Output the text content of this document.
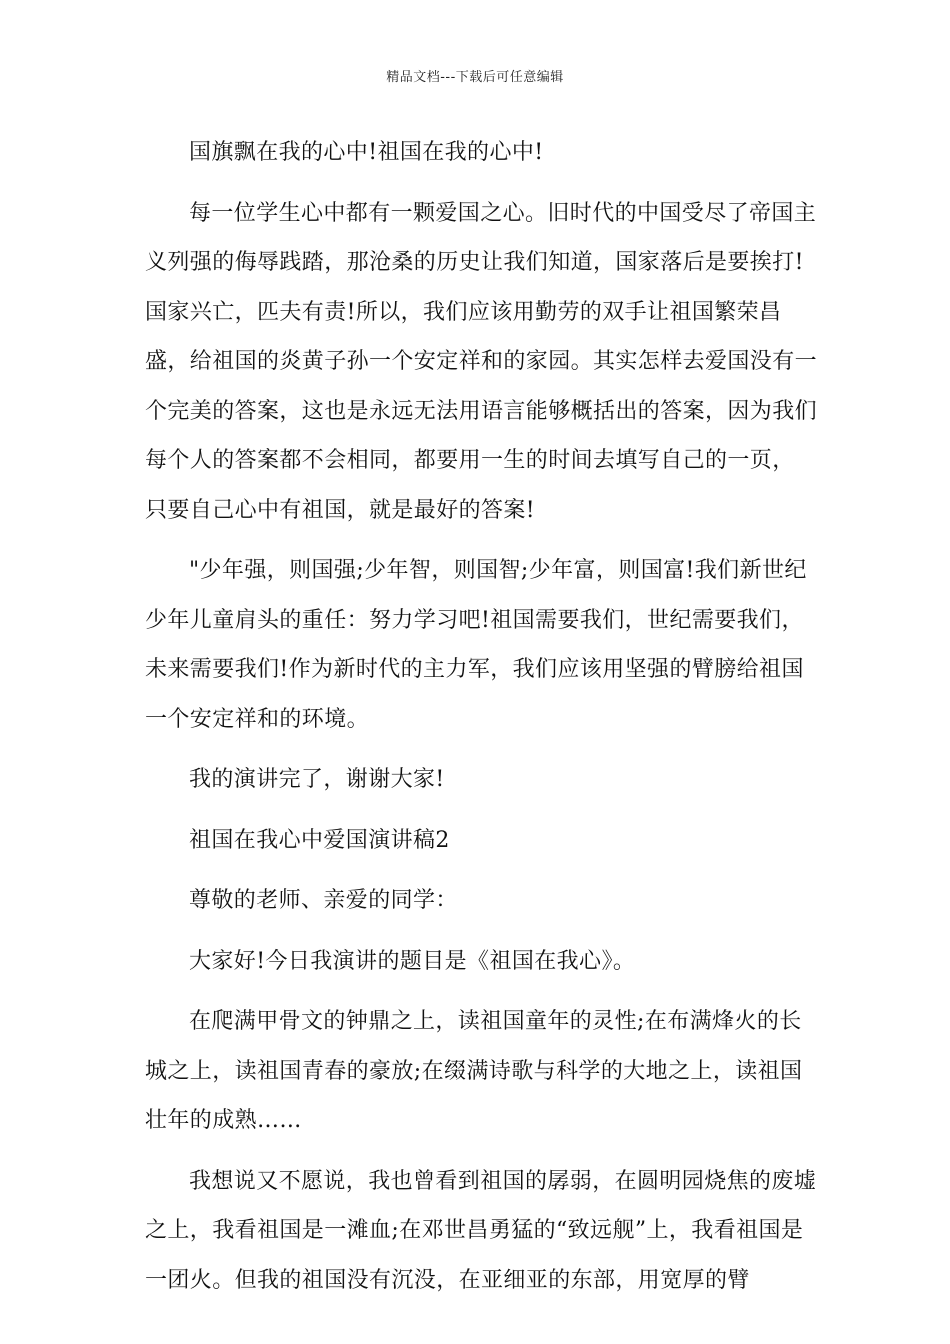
精品文档---下载后可任意编辑

国旗飘在我的心中!祖国在我的心中!

每一位学生心中都有一颗爱国之心。旧时代的中国受尽了帝国主义列强的侮辱践踏，那沧桑的历史让我们知道，国家落后是要挨打!国家兴亡，匹夫有责!所以，我们应该用勤劳的双手让祖国繁荣昌盛，给祖国的炎黄子孙一个安定祥和的家园。其实怎样去爱国没有一个完美的答案，这也是永远无法用语言能够概括出的答案，因为我们每个人的答案都不会相同，都要用一生的时间去填写自己的一页， 只要自己心中有祖国，就是最好的答案!

"少年强，则国强;少年智，则国智;少年富，则国富!我们新世纪少年儿童肩头的重任：努力学习吧!祖国需要我们，世纪需要我们，未来需要我们!作为新时代的主力军，我们应该用坚强的臂膀给祖国一个安定祥和的环境。

我的演讲完了，谢谢大家!

祖国在我心中爱国演讲稿2

尊敬的老师、亲爱的同学：

大家好!今日我演讲的题目是《祖国在我心》。

在爬满甲骨文的钟鼎之上，读祖国童年的灵性;在布满烽火的长城之上，读祖国青春的豪放;在缀满诗歌与科学的大地之上，读祖国壮年的成熟……

我想说又不愿说，我也曾看到祖国的孱弱，在圆明园烧焦的废墟之上，我看祖国是一滩血;在邓世昌勇猛的“致远舰”上，我看祖国是一团火。但我的祖国没有沉没，在亚细亚的东部，用宽厚的臂
